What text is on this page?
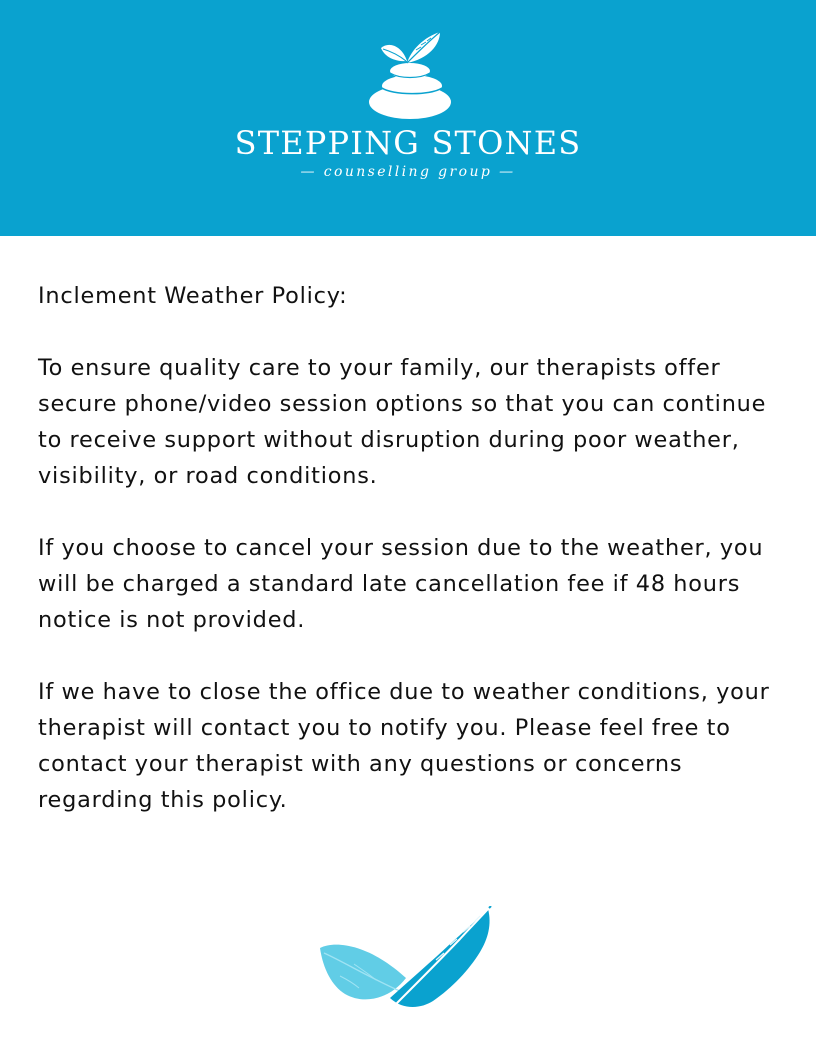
STEPPING STONES
— counselling group —

Inclement Weather Policy:

To ensure quality care to your family, our therapists offer secure phone/video session options so that you can continue to receive support without disruption during poor weather, visibility, or road conditions.

If you choose to cancel your session due to the weather, you will be charged a standard late cancellation fee if 48 hours notice is not provided.

If we have to close the office due to weather conditions, your therapist will contact you to notify you. Please feel free to contact your therapist with any questions or concerns regarding this policy.
